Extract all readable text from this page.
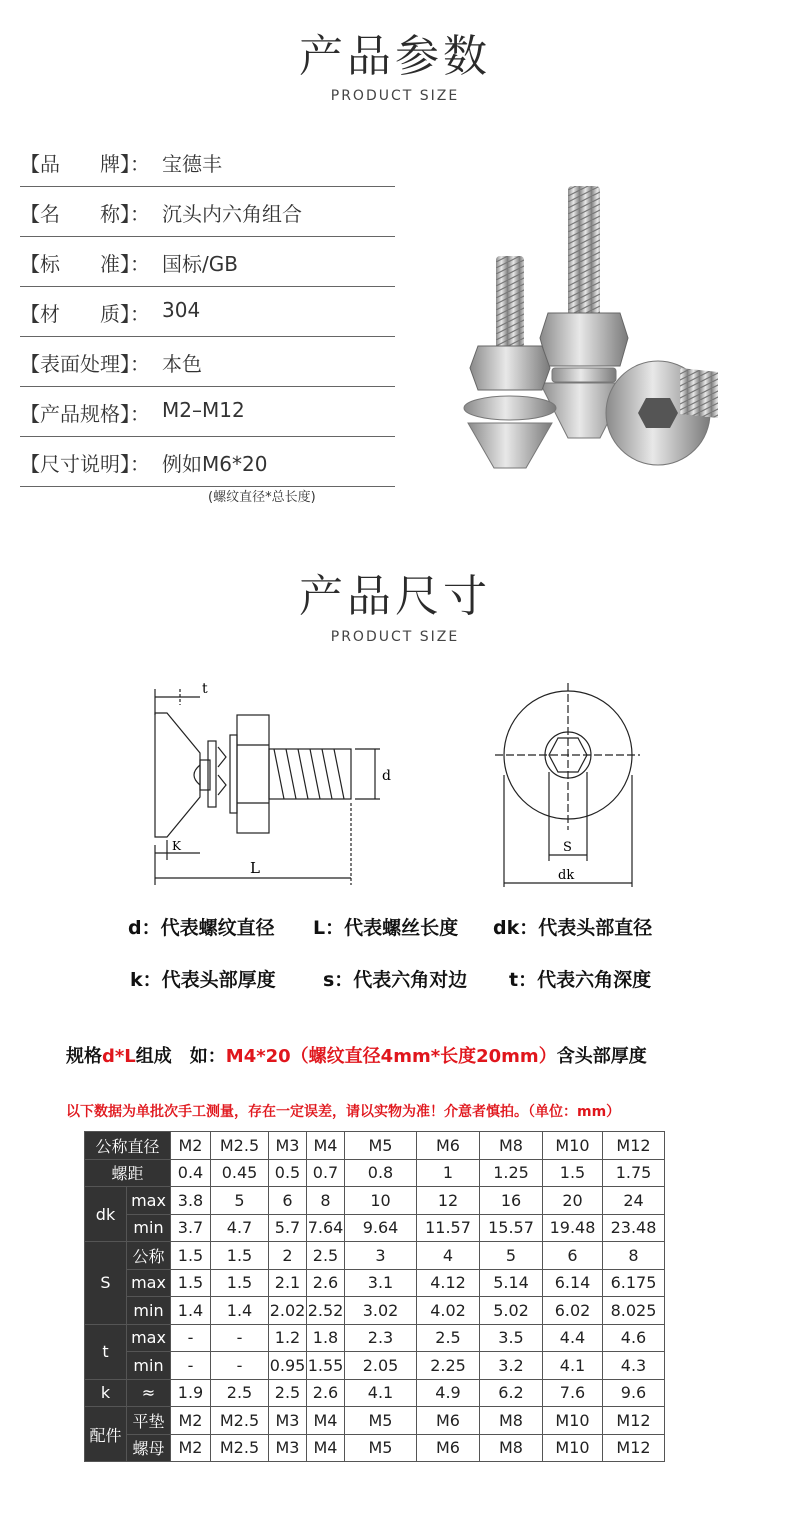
产品参数
PRODUCT SIZE
【品　　牌】： 宝德丰
【名　　称】： 沉头内六角组合
【标　　准】： 国标/GB
【材　　质】： 304
【表面处理】： 本色
【产品规格】： M2–M12
【尺寸说明】： 例如M6*20
(螺纹直径*总长度)
产品尺寸
PRODUCT SIZE
t
d
K
L
S
dk
d：代表螺纹直径 L：代表螺丝长度 dk：代表头部直径
k：代表头部厚度 s：代表六角对边 t：代表六角深度
规格d*L组成　如：M4*20（螺纹直径4mm*长度20mm）含头部厚度
以下数据为单批次手工测量，存在一定误差，请以实物为准！介意者慎拍。（单位：mm）
公称直径		M2	M2.5	M3	M4	M5	M6	M8	M10	M12
螺距		0.4	0.45	0.5	0.7	0.8	1	1.25	1.5	1.75
dk	max	3.8	5	6	8	10	12	16	20	24
	min	3.7	4.7	5.7	7.64	9.64	11.57	15.57	19.48	23.48
S	公称	1.5	1.5	2	2.5	3	4	5	6	8
	max	1.5	1.5	2.1	2.6	3.1	4.12	5.14	6.14	6.175
	min	1.4	1.4	2.02	2.52	3.02	4.02	5.02	6.02	8.025
t	max	-	-	1.2	1.8	2.3	2.5	3.5	4.4	4.6
	min	-	-	0.95	1.55	2.05	2.25	3.2	4.1	4.3
k	≈	1.9	2.5	2.5	2.6	4.1	4.9	6.2	7.6	9.6
配件	平垫	M2	M2.5	M3	M4	M5	M6	M8	M10	M12
	螺母	M2	M2.5	M3	M4	M5	M6	M8	M10	M12
